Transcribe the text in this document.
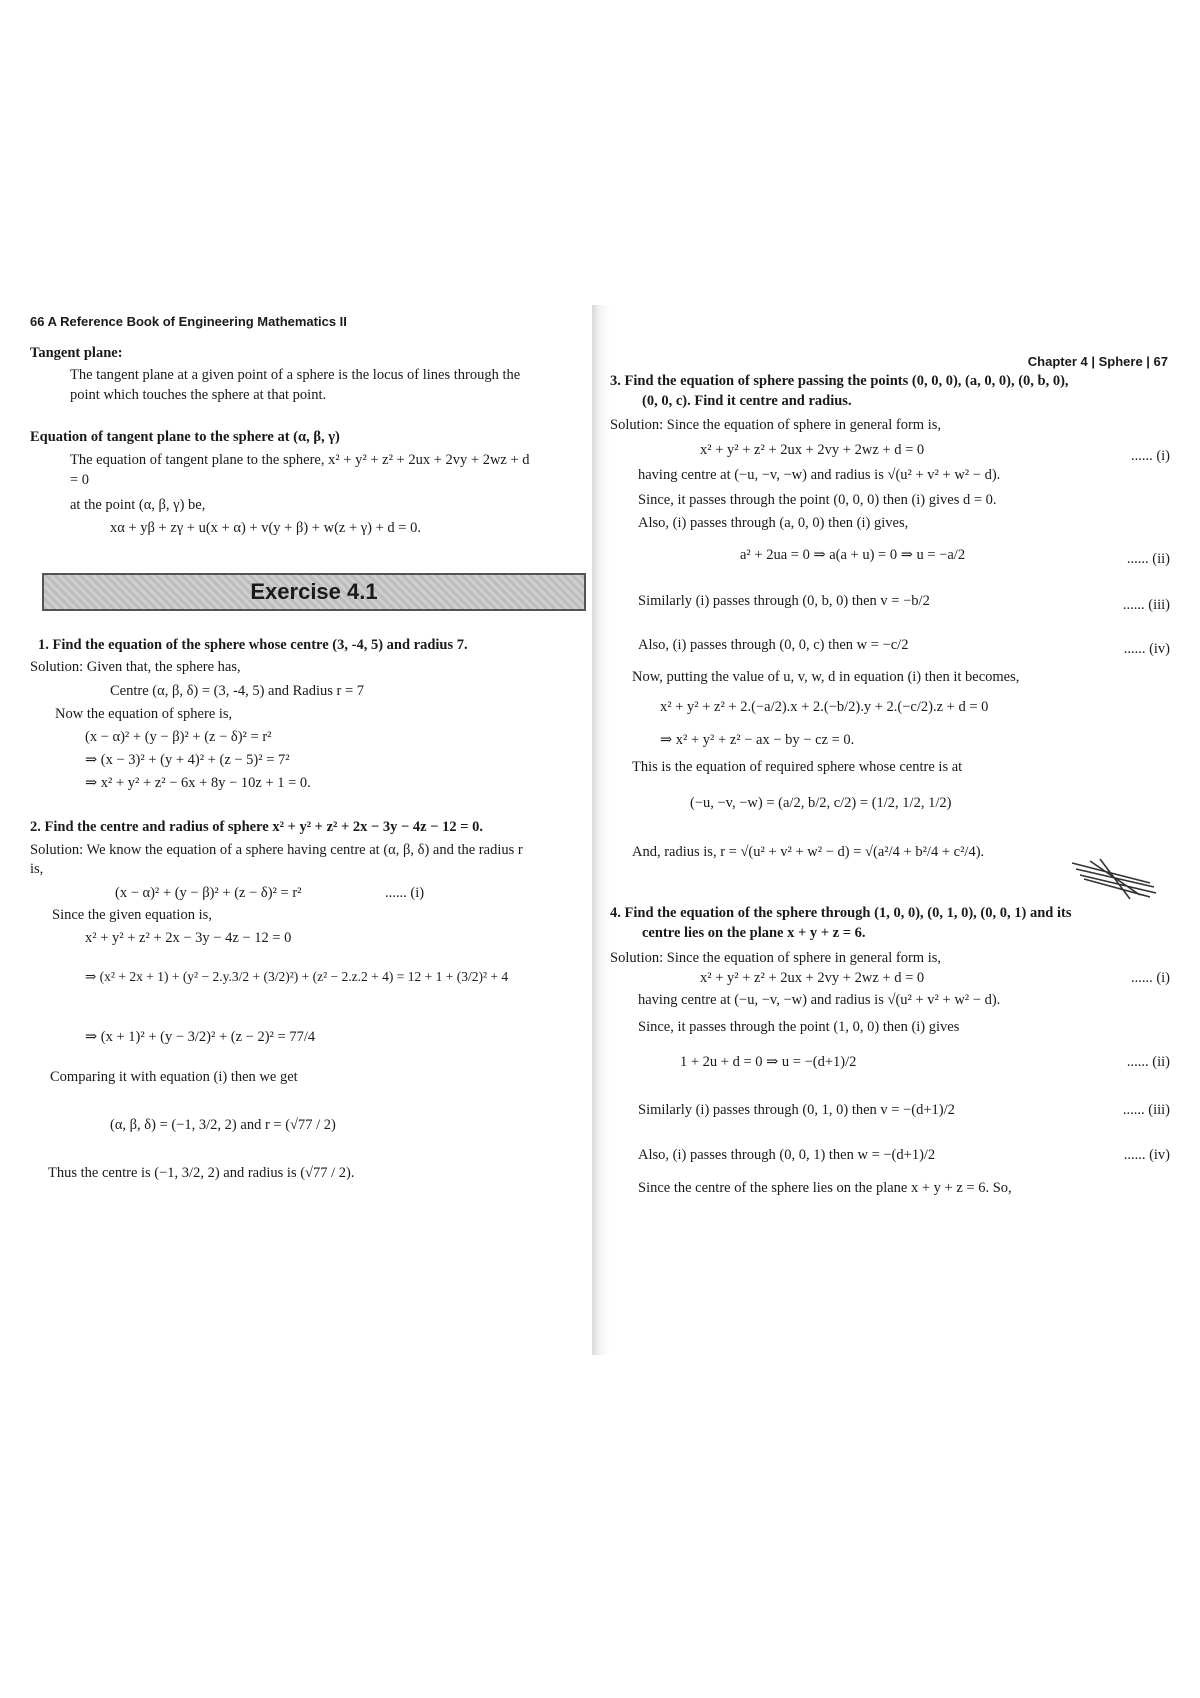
66 A Reference Book of Engineering Mathematics II
Tangent plane:
The tangent plane at a given point of a sphere is the locus of lines through the
point which touches the sphere at that point.
Equation of tangent plane to the sphere at (α, β, γ)
The equation of tangent plane to the sphere, x² + y² + z² + 2ux + 2vy + 2wz + d
= 0
at the point (α, β, γ) be,
xα + yβ + zγ + u(x + α) + v(y + β) + w(z + γ) + d = 0.
Exercise 4.1
1. Find the equation of the sphere whose centre (3, -4, 5) and radius 7.
Solution: Given that, the sphere has,
Centre (α, β, δ) = (3, -4, 5) and Radius r = 7
Now the equation of sphere is,
(x − α)² + (y − β)² + (z − δ)² = r²
⇒ (x − 3)² + (y + 4)² + (z − 5)² = 7²
⇒ x² + y² + z² − 6x + 8y − 10z + 1 = 0.
2. Find the centre and radius of sphere x² + y² + z² + 2x − 3y − 4z − 12 = 0.
Solution: We know the equation of a sphere having centre at (α, β, δ) and the radius r
is,
(x − α)² + (y − β)² + (z − δ)² = r²	...... (i)
Since the given equation is,
x² + y² + z² + 2x − 3y − 4z − 12 = 0
⇒ (x² + 2x + 1) + (y² − 2.y.3/2 + (3/2)²) + (z² − 2.z.2 + 4) = 12 + 1 + (3/2)² + 4
⇒ (x + 1)² + (y − 3/2)² + (z − 2)² = 77/4
Comparing it with equation (i) then we get
(α, β, δ) = (−1, 3/2, 2) and r = (√77 / 2)
Thus the centre is (−1, 3/2, 2) and radius is (√77 / 2).
Chapter 4 | Sphere | 67
3. Find the equation of sphere passing the points (0, 0, 0), (a, 0, 0), (0, b, 0),
(0, 0, c). Find it centre and radius.
Solution: Since the equation of sphere in general form is,
x² + y² + z² + 2ux + 2vy + 2wz + d = 0	...... (i)
having centre at (−u, −v, −w) and radius is √(u² + v² + w² − d).
Since, it passes through the point (0, 0, 0) then (i) gives d = 0.
Also, (i) passes through (a, 0, 0) then (i) gives,
a² + 2ua = 0 ⇒ a(a + u) = 0 ⇒ u = −a/2	...... (ii)
Similarly (i) passes through (0, b, 0) then v = −b/2	...... (iii)
Also, (i) passes through (0, 0, c) then w = −c/2	...... (iv)
Now, putting the value of u, v, w, d in equation (i) then it becomes,
x² + y² + z² + 2.(−a/2).x + 2.(−b/2).y + 2.(−c/2).z + d = 0
⇒ x² + y² + z² − ax − by − cz = 0.
This is the equation of required sphere whose centre is at
(−u, −v, −w) = (a/2, b/2, c/2) = (1/2, 1/2, 1/2)
And, radius is, r = √(u² + v² + w² − d) = √(a²/4 + b²/4 + c²/4).
4. Find the equation of the sphere through (1, 0, 0), (0, 1, 0), (0, 0, 1) and its
centre lies on the plane x + y + z = 6.
Solution: Since the equation of sphere in general form is,
x² + y² + z² + 2ux + 2vy + 2wz + d = 0	...... (i)
having centre at (−u, −v, −w) and radius is √(u² + v² + w² − d).
Since, it passes through the point (1, 0, 0) then (i) gives
1 + 2u + d = 0 ⇒ u = −(d+1)/2	...... (ii)
Similarly (i) passes through (0, 1, 0) then v = −(d+1)/2	...... (iii)
Also, (i) passes through (0, 0, 1) then w = −(d+1)/2	...... (iv)
Since the centre of the sphere lies on the plane x + y + z = 6. So,
